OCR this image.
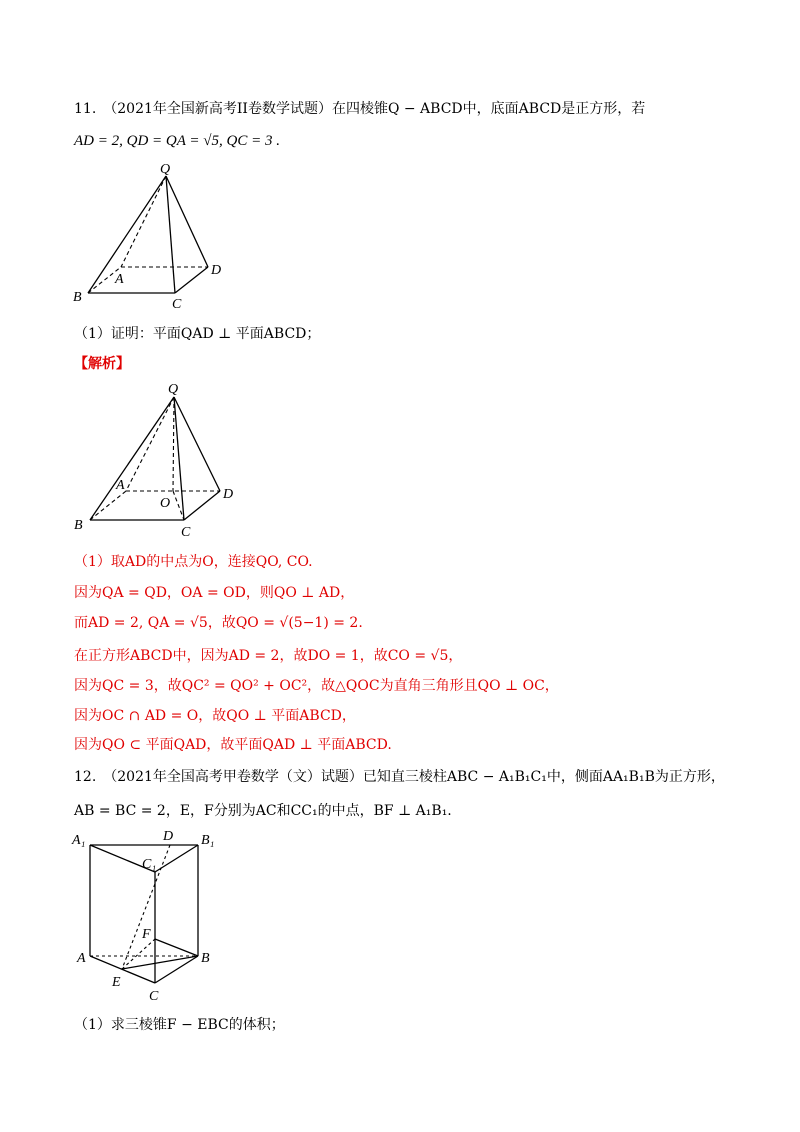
11.　（2021年全国新高考II卷数学试题）在四棱锥Q − ABCD中，底面ABCD是正方形，若
AD = 2, QD = QA = √5, QC = 3 .
Q
A
B	C
D
（1）证明：平面QAD ⊥ 平面ABCD；
【解析】
Q
A
B	C
D
O
（1）取AD的中点为O，连接QO, CO.
因为QA = QD，OA = OD，则QO ⊥ AD，
而AD = 2, QA = √5，故QO = √(5−1) = 2.
在正方形ABCD中，因为AD = 2，故DO = 1，故CO = √5，
因为QC = 3，故QC² = QO² + OC²，故△QOC为直角三角形且QO ⊥ OC，
因为OC ∩ AD = O，故QO ⊥ 平面ABCD，
因为QO ⊂ 平面QAD，故平面QAD ⊥ 平面ABCD.
12.　（2021年全国高考甲卷数学（文）试题）已知直三棱柱ABC − A₁B₁C₁中，侧面AA₁B₁B为正方形，
AB = BC = 2，E，F分别为AC和CC₁的中点，BF ⊥ A₁B₁.
A₁	B₁
D
C₁
F
A	B
E
C
（1）求三棱锥F − EBC的体积；
